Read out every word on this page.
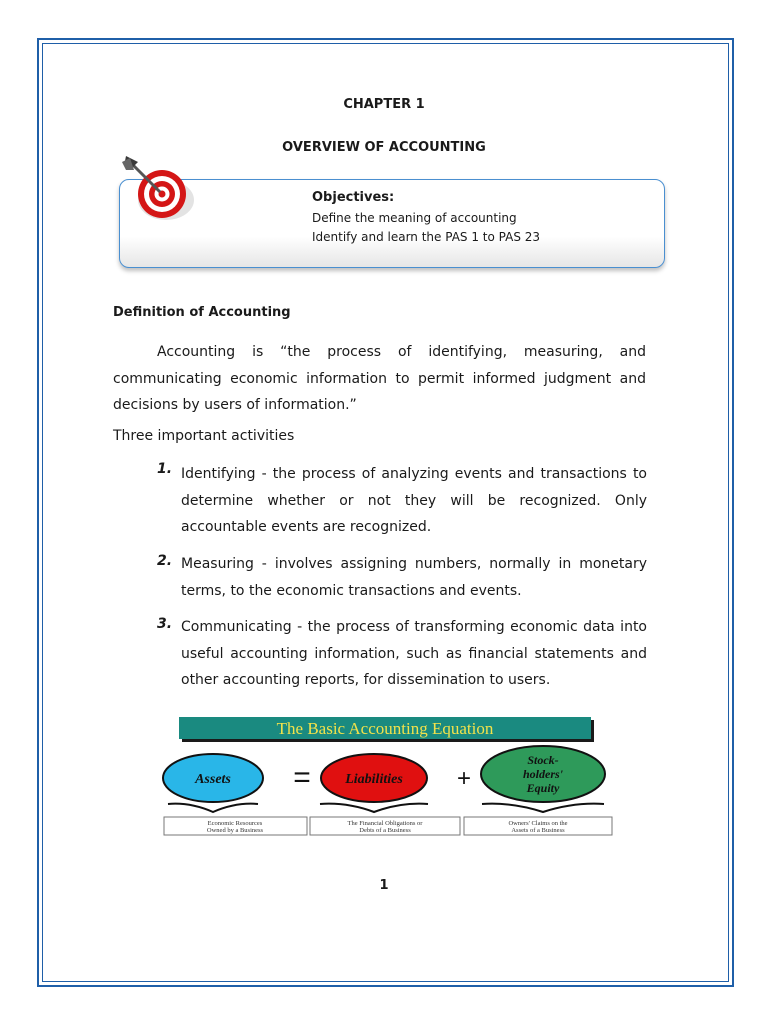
CHAPTER 1
OVERVIEW OF ACCOUNTING
Objectives:
Define the meaning of accounting
Identify and learn the PAS 1 to PAS 23
Definition of Accounting
Accounting is “the process of identifying, measuring, and communicating economic information to permit informed judgment and decisions by users of information.”
Three important activities
1. Identifying - the process of analyzing events and transactions to determine whether or not they will be recognized. Only accountable events are recognized.
2. Measuring - involves assigning numbers, normally in monetary terms, to the economic transactions and events.
3. Communicating - the process of transforming economic data into useful accounting information, such as financial statements and other accounting reports, for dissemination to users.
The Basic Accounting Equation
Assets = Liabilities +
Stock-
holders'
Equity
Economic Resources
Owned by a Business
The Financial Obligations or
Debts of a Business
Owners' Claims on the
Assets of a Business
1
